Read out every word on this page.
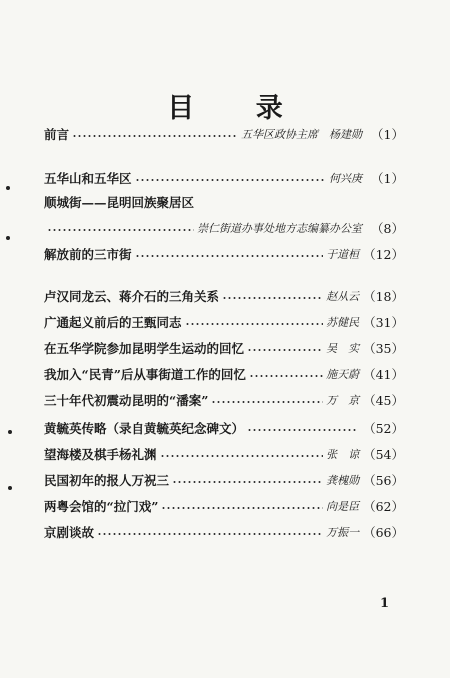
目 录
前言	五华区政协主席　杨建勋 （1）
五华山和五华区	何兴庚 （1）
顺城街——昆明回族聚居区
崇仁街道办事处地方志编纂办公室 （8）
解放前的三市街	于道桓 （12）
卢汉同龙云、蒋介石的三角关系	赵从云 （18）
广通起义前后的王甄同志	苏健民 （31）
在五华学院参加昆明学生运动的回忆	吴　实 （35）
我加入“民青”后从事街道工作的回忆	施天蔚 （41）
三十年代初震动昆明的“潘案”	万　京 （45）
黄毓英传略（录自黄毓英纪念碑文）	（52）
望海楼及棋手杨礼渊	张　谅 （54）
民国初年的报人万祝三	龚槐勋 （56）
两粤会馆的“拉门戏”	向是臣 （62）
京剧谈故	万振一 （66）
1
